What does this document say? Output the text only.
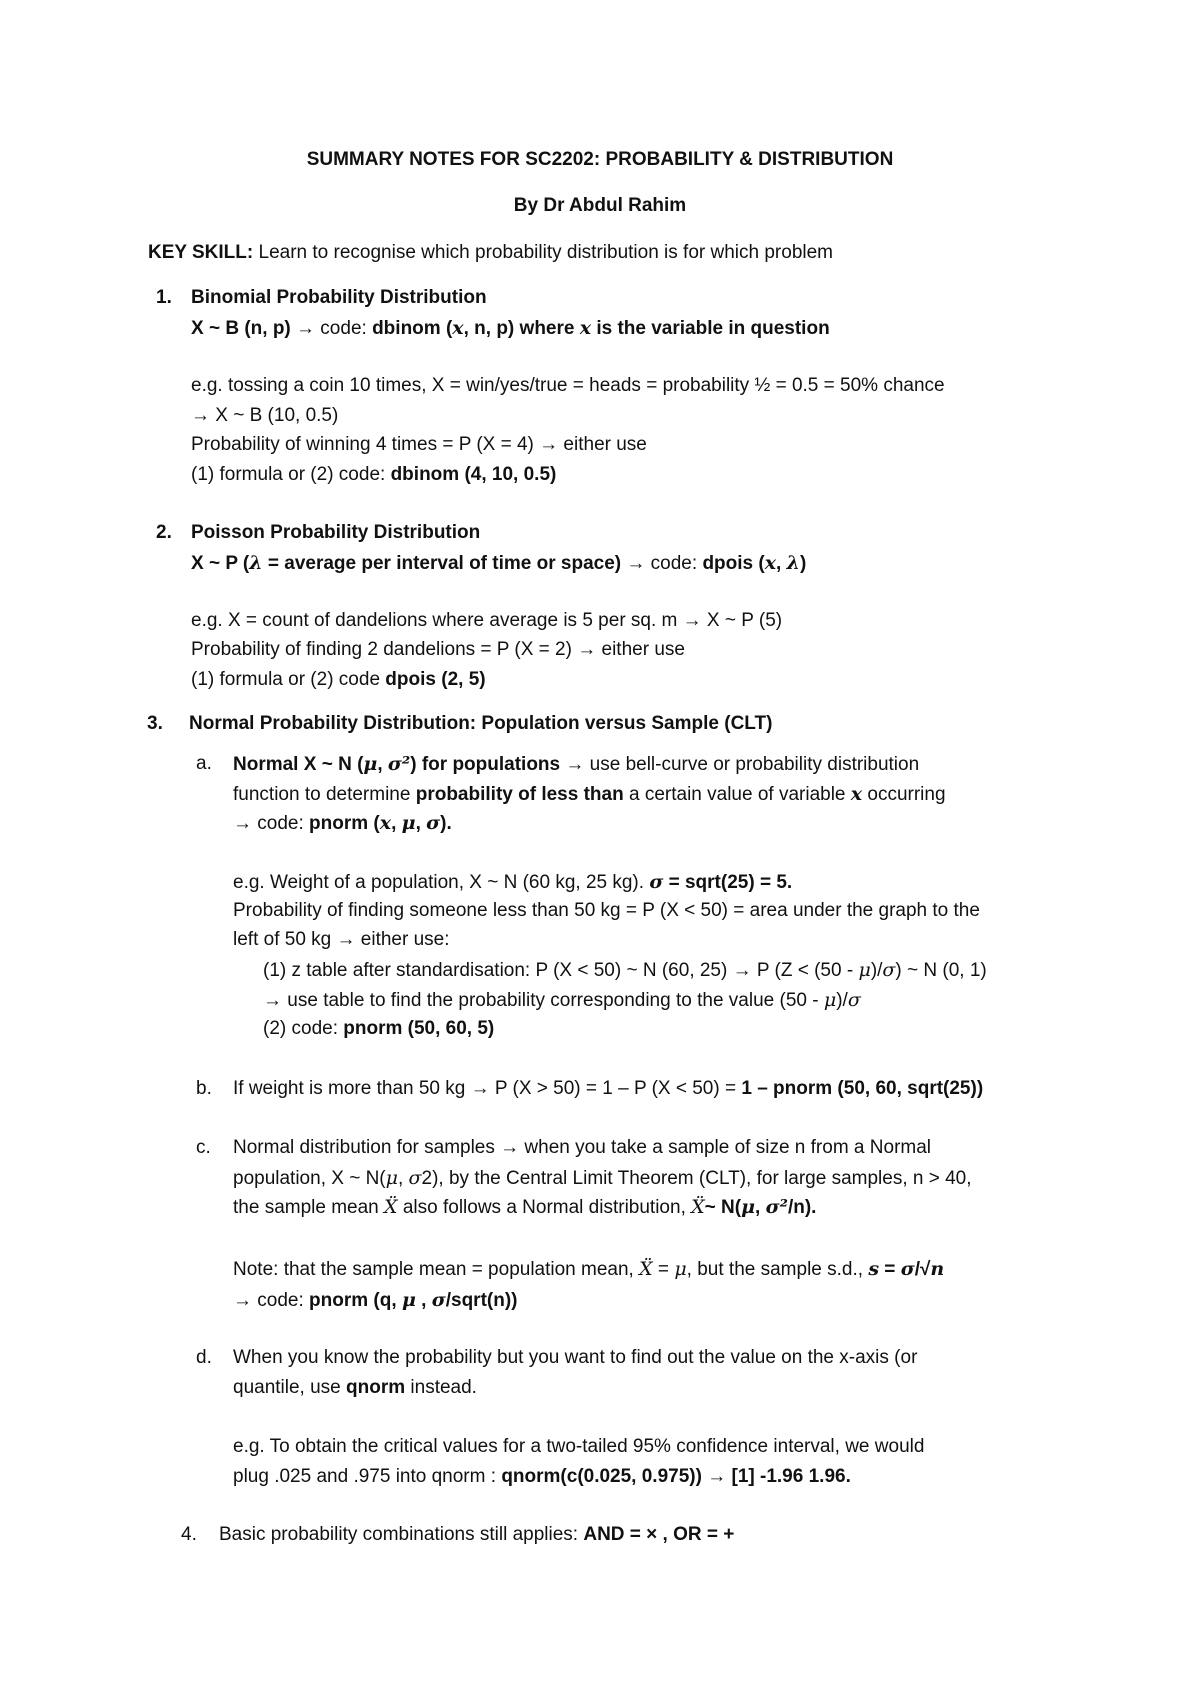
SUMMARY NOTES FOR SC2202: PROBABILITY & DISTRIBUTION
By Dr Abdul Rahim
KEY SKILL: Learn to recognise which probability distribution is for which problem
1. Binomial Probability Distribution
X ~ B (n, p) → code: dbinom (x, n, p) where x is the variable in question
e.g. tossing a coin 10 times, X = win/yes/true = heads = probability ½ = 0.5 = 50% chance
→ X ~ B (10, 0.5)
Probability of winning 4 times = P (X = 4) → either use
(1) formula or (2) code: dbinom (4, 10, 0.5)
2. Poisson Probability Distribution
X ~ P (λ = average per interval of time or space) → code: dpois (x, λ)
e.g. X = count of dandelions where average is 5 per sq. m → X ~ P (5)
Probability of finding 2 dandelions = P (X = 2) → either use
(1) formula or (2) code dpois (2, 5)
3. Normal Probability Distribution: Population versus Sample (CLT)
a. Normal X ~ N (μ, σ²) for populations → use bell-curve or probability distribution
function to determine probability of less than a certain value of variable x occurring
→ code: pnorm (x, μ, σ).
e.g. Weight of a population, X ~ N (60 kg, 25 kg). σ = sqrt(25) = 5.
Probability of finding someone less than 50 kg = P (X < 50) = area under the graph to the
left of 50 kg → either use:
(1) z table after standardisation: P (X < 50) ~ N (60, 25) → P (Z < (50 - μ)/σ) ~ N (0, 1)
→ use table to find the probability corresponding to the value (50 - μ)/σ
(2) code: pnorm (50, 60, 5)
b. If weight is more than 50 kg → P (X > 50) = 1 – P (X < 50) = 1 – pnorm (50, 60, sqrt(25))
c. Normal distribution for samples → when you take a sample of size n from a Normal
population, X ~ N(μ, σ2), by the Central Limit Theorem (CLT), for large samples, n > 40,
the sample mean Ẍ also follows a Normal distribution, Ẍ~ N(μ, σ²/n).
Note: that the sample mean = population mean, Ẍ = μ, but the sample s.d., s = σ/√n
→ code: pnorm (q, μ , σ/sqrt(n))
d. When you know the probability but you want to find out the value on the x-axis (or
quantile, use qnorm instead.
e.g. To obtain the critical values for a two-tailed 95% confidence interval, we would
plug .025 and .975 into qnorm : qnorm(c(0.025, 0.975)) → [1] -1.96 1.96.
4. Basic probability combinations still applies: AND = × , OR = +
